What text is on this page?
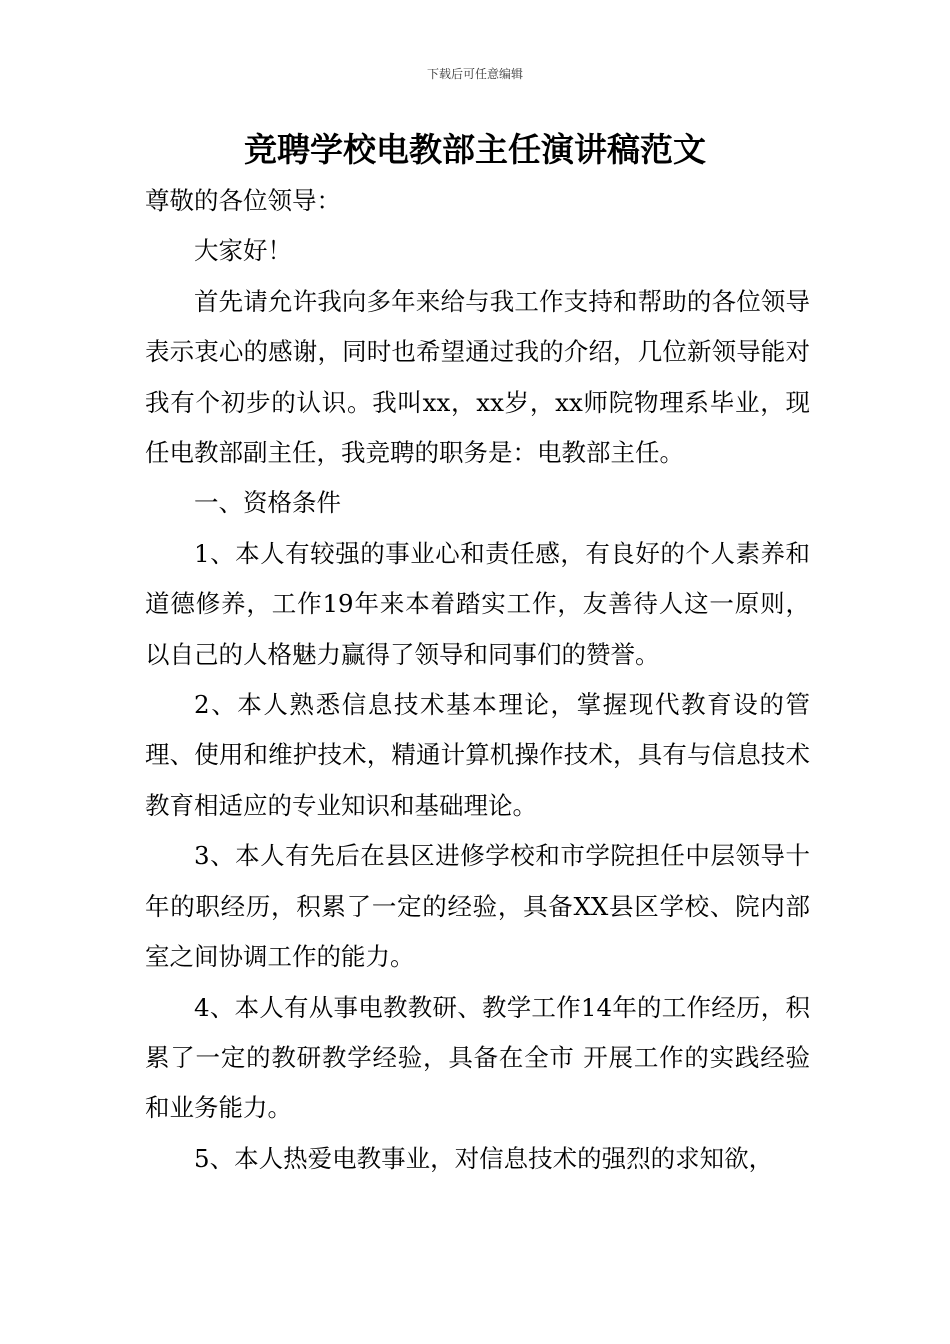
下载后可任意编辑
竞聘学校电教部主任演讲稿范文

尊敬的各位领导：

大家好！

首先请允许我向多年来给与我工作支持和帮助的各位领导表示衷心的感谢，同时也希望通过我的介绍，几位新领导能对我有个初步的认识。我叫xx，xx岁，xx师院物理系毕业，现任电教部副主任，我竞聘的职务是：电教部主任。

一、资格条件

1、本人有较强的事业心和责任感，有良好的个人素养和道德修养，工作19年来本着踏实工作，友善待人这一原则，以自己的人格魅力赢得了领导和同事们的赞誉。

2、本人熟悉信息技术基本理论，掌握现代教育设的管理、使用和维护技术，精通计算机操作技术，具有与信息技术教育相适应的专业知识和基础理论。

3、本人有先后在县区进修学校和市学院担任中层领导十年的职经历，积累了一定的经验，具备XX县区学校、院内部室之间协调工作的能力。

4、本人有从事电教教研、教学工作14年的工作经历，积累了一定的教研教学经验，具备在全市 开展工作的实践经验和业务能力。

5、本人热爱电教事业，对信息技术的强烈的求知欲，
